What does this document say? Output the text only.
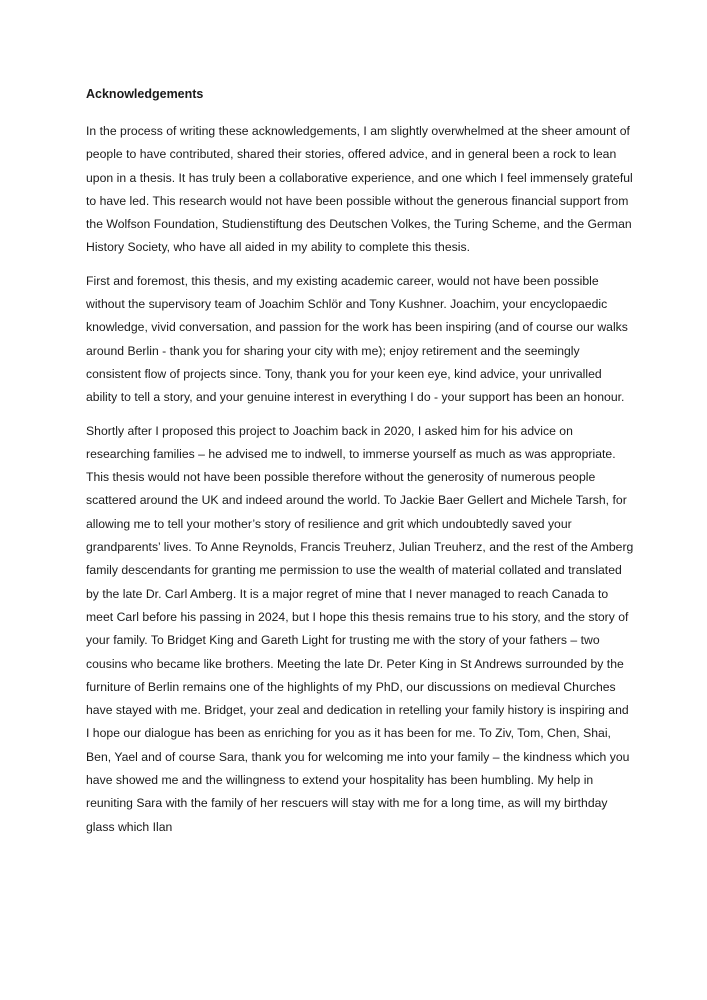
Acknowledgements

In the process of writing these acknowledgements, I am slightly overwhelmed at the sheer amount of people to have contributed, shared their stories, offered advice, and in general been a rock to lean upon in a thesis. It has truly been a collaborative experience, and one which I feel immensely grateful to have led. This research would not have been possible without the generous financial support from the Wolfson Foundation, Studienstiftung des Deutschen Volkes, the Turing Scheme, and the German History Society, who have all aided in my ability to complete this thesis.

First and foremost, this thesis, and my existing academic career, would not have been possible without the supervisory team of Joachim Schlör and Tony Kushner. Joachim, your encyclopaedic knowledge, vivid conversation, and passion for the work has been inspiring (and of course our walks around Berlin - thank you for sharing your city with me); enjoy retirement and the seemingly consistent flow of projects since. Tony, thank you for your keen eye, kind advice, your unrivalled ability to tell a story, and your genuine interest in everything I do - your support has been an honour.

Shortly after I proposed this project to Joachim back in 2020, I asked him for his advice on researching families – he advised me to indwell, to immerse yourself as much as was appropriate. This thesis would not have been possible therefore without the generosity of numerous people scattered around the UK and indeed around the world. To Jackie Baer Gellert and Michele Tarsh, for allowing me to tell your mother’s story of resilience and grit which undoubtedly saved your grandparents’ lives. To Anne Reynolds, Francis Treuherz, Julian Treuherz, and the rest of the Amberg family descendants for granting me permission to use the wealth of material collated and translated by the late Dr. Carl Amberg. It is a major regret of mine that I never managed to reach Canada to meet Carl before his passing in 2024, but I hope this thesis remains true to his story, and the story of your family. To Bridget King and Gareth Light for trusting me with the story of your fathers – two cousins who became like brothers. Meeting the late Dr. Peter King in St Andrews surrounded by the furniture of Berlin remains one of the highlights of my PhD, our discussions on medieval Churches have stayed with me. Bridget, your zeal and dedication in retelling your family history is inspiring and I hope our dialogue has been as enriching for you as it has been for me. To Ziv, Tom, Chen, Shai, Ben, Yael and of course Sara, thank you for welcoming me into your family – the kindness which you have showed me and the willingness to extend your hospitality has been humbling. My help in reuniting Sara with the family of her rescuers will stay with me for a long time, as will my birthday glass which Ilan
